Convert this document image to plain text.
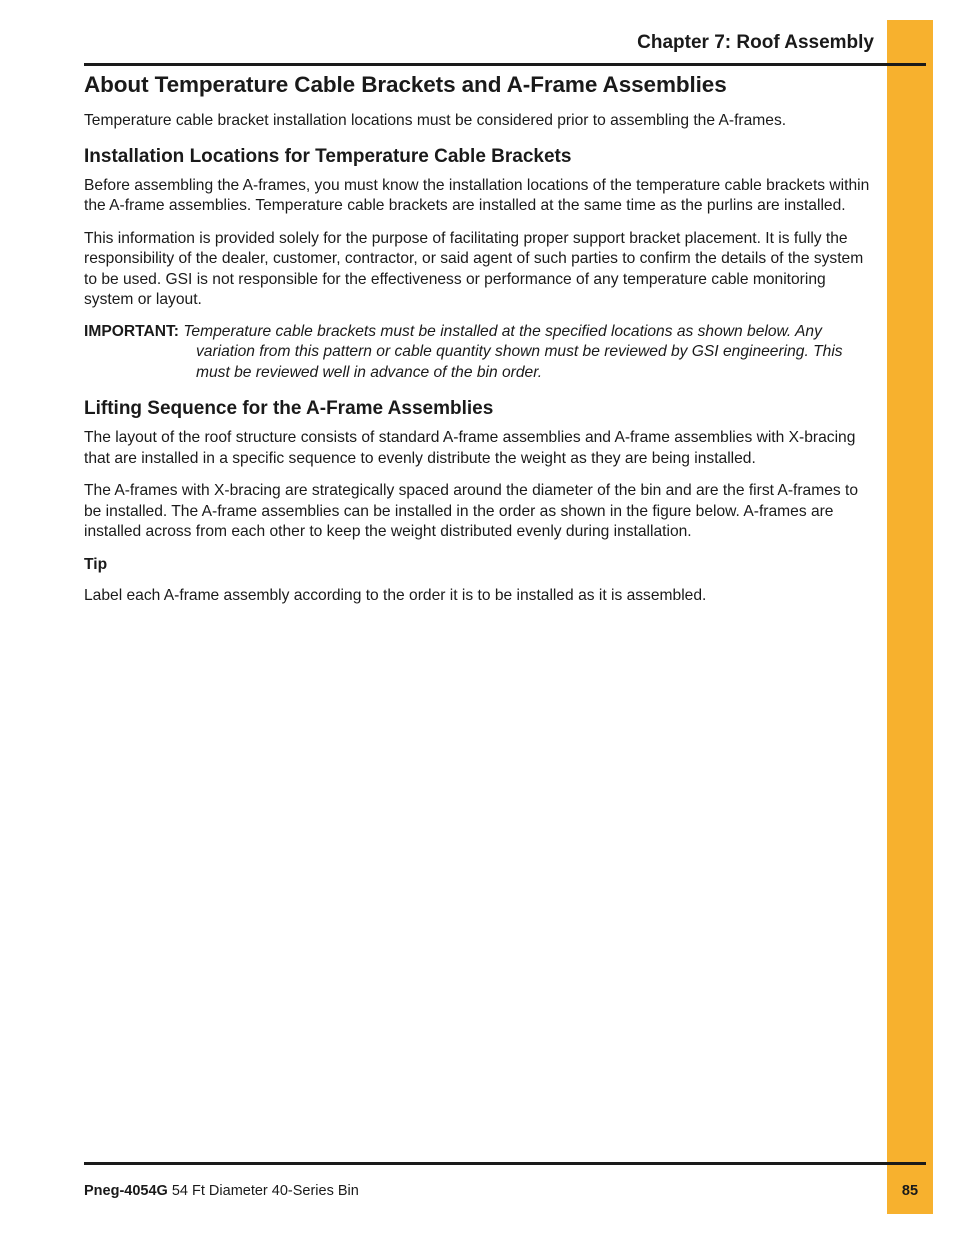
Chapter 7: Roof Assembly
About Temperature Cable Brackets and A-Frame Assemblies

Temperature cable bracket installation locations must be considered prior to assembling the A-frames.

Installation Locations for Temperature Cable Brackets

Before assembling the A-frames, you must know the installation locations of the temperature cable brackets within the A-frame assemblies. Temperature cable brackets are installed at the same time as the purlins are installed.

This information is provided solely for the purpose of facilitating proper support bracket placement. It is fully the responsibility of the dealer, customer, contractor, or said agent of such parties to confirm the details of the system to be used. GSI is not responsible for the effectiveness or performance of any temperature cable monitoring system or layout.

IMPORTANT: Temperature cable brackets must be installed at the specified locations as shown below. Any variation from this pattern or cable quantity shown must be reviewed by GSI engineering. This must be reviewed well in advance of the bin order.
Lifting Sequence for the A-Frame Assemblies

The layout of the roof structure consists of standard A-frame assemblies and A-frame assemblies with X-bracing that are installed in a specific sequence to evenly distribute the weight as they are being installed.

The A-frames with X-bracing are strategically spaced around the diameter of the bin and are the first A-frames to be installed. The A-frame assemblies can be installed in the order as shown in the figure below. A-frames are installed across from each other to keep the weight distributed evenly during installation.

Tip

Label each A-frame assembly according to the order it is to be installed as it is assembled.

Pneg-4054G 54 Ft Diameter 40-Series Bin	85
